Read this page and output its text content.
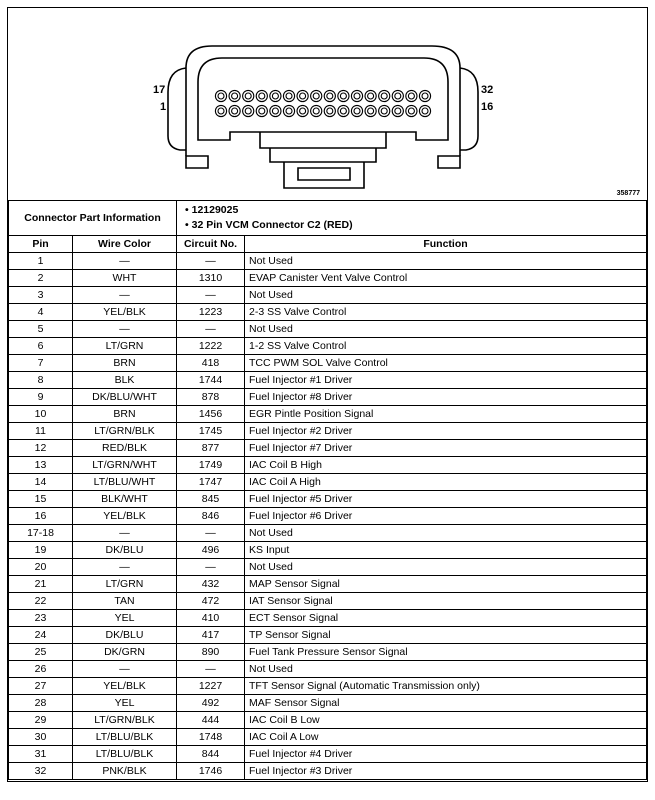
17
1
32
16
358777
Connector Part Information		• 12129025
• 32 Pin VCM Connector C2 (RED)	

Pin	Wire Color	Circuit No.	Function
1	—	—	Not Used
2	WHT	1310	EVAP Canister Vent Valve Control
3	—	—	Not Used
4	YEL/BLK	1223	2-3 SS Valve Control
5	—	—	Not Used
6	LT/GRN	1222	1-2 SS Valve Control
7	BRN	418	TCC PWM SOL Valve Control
8	BLK	1744	Fuel Injector #1 Driver
9	DK/BLU/WHT	878	Fuel Injector #8 Driver
10	BRN	1456	EGR Pintle Position Signal
11	LT/GRN/BLK	1745	Fuel Injector #2 Driver
12	RED/BLK	877	Fuel Injector #7 Driver
13	LT/GRN/WHT	1749	IAC Coil B High
14	LT/BLU/WHT	1747	IAC Coil A High
15	BLK/WHT	845	Fuel Injector #5 Driver
16	YEL/BLK	846	Fuel Injector #6 Driver
17-18	—	—	Not Used
19	DK/BLU	496	KS Input
20	—	—	Not Used
21	LT/GRN	432	MAP Sensor Signal
22	TAN	472	IAT Sensor Signal
23	YEL	410	ECT Sensor Signal
24	DK/BLU	417	TP Sensor Signal
25	DK/GRN	890	Fuel Tank Pressure Sensor Signal
26	—	—	Not Used
27	YEL/BLK	1227	TFT Sensor Signal (Automatic Transmission only)
28	YEL	492	MAF Sensor Signal
29	LT/GRN/BLK	444	IAC Coil B Low
30	LT/BLU/BLK	1748	IAC Coil A Low
31	LT/BLU/BLK	844	Fuel Injector #4 Driver
32	PNK/BLK	1746	Fuel Injector #3 Driver
